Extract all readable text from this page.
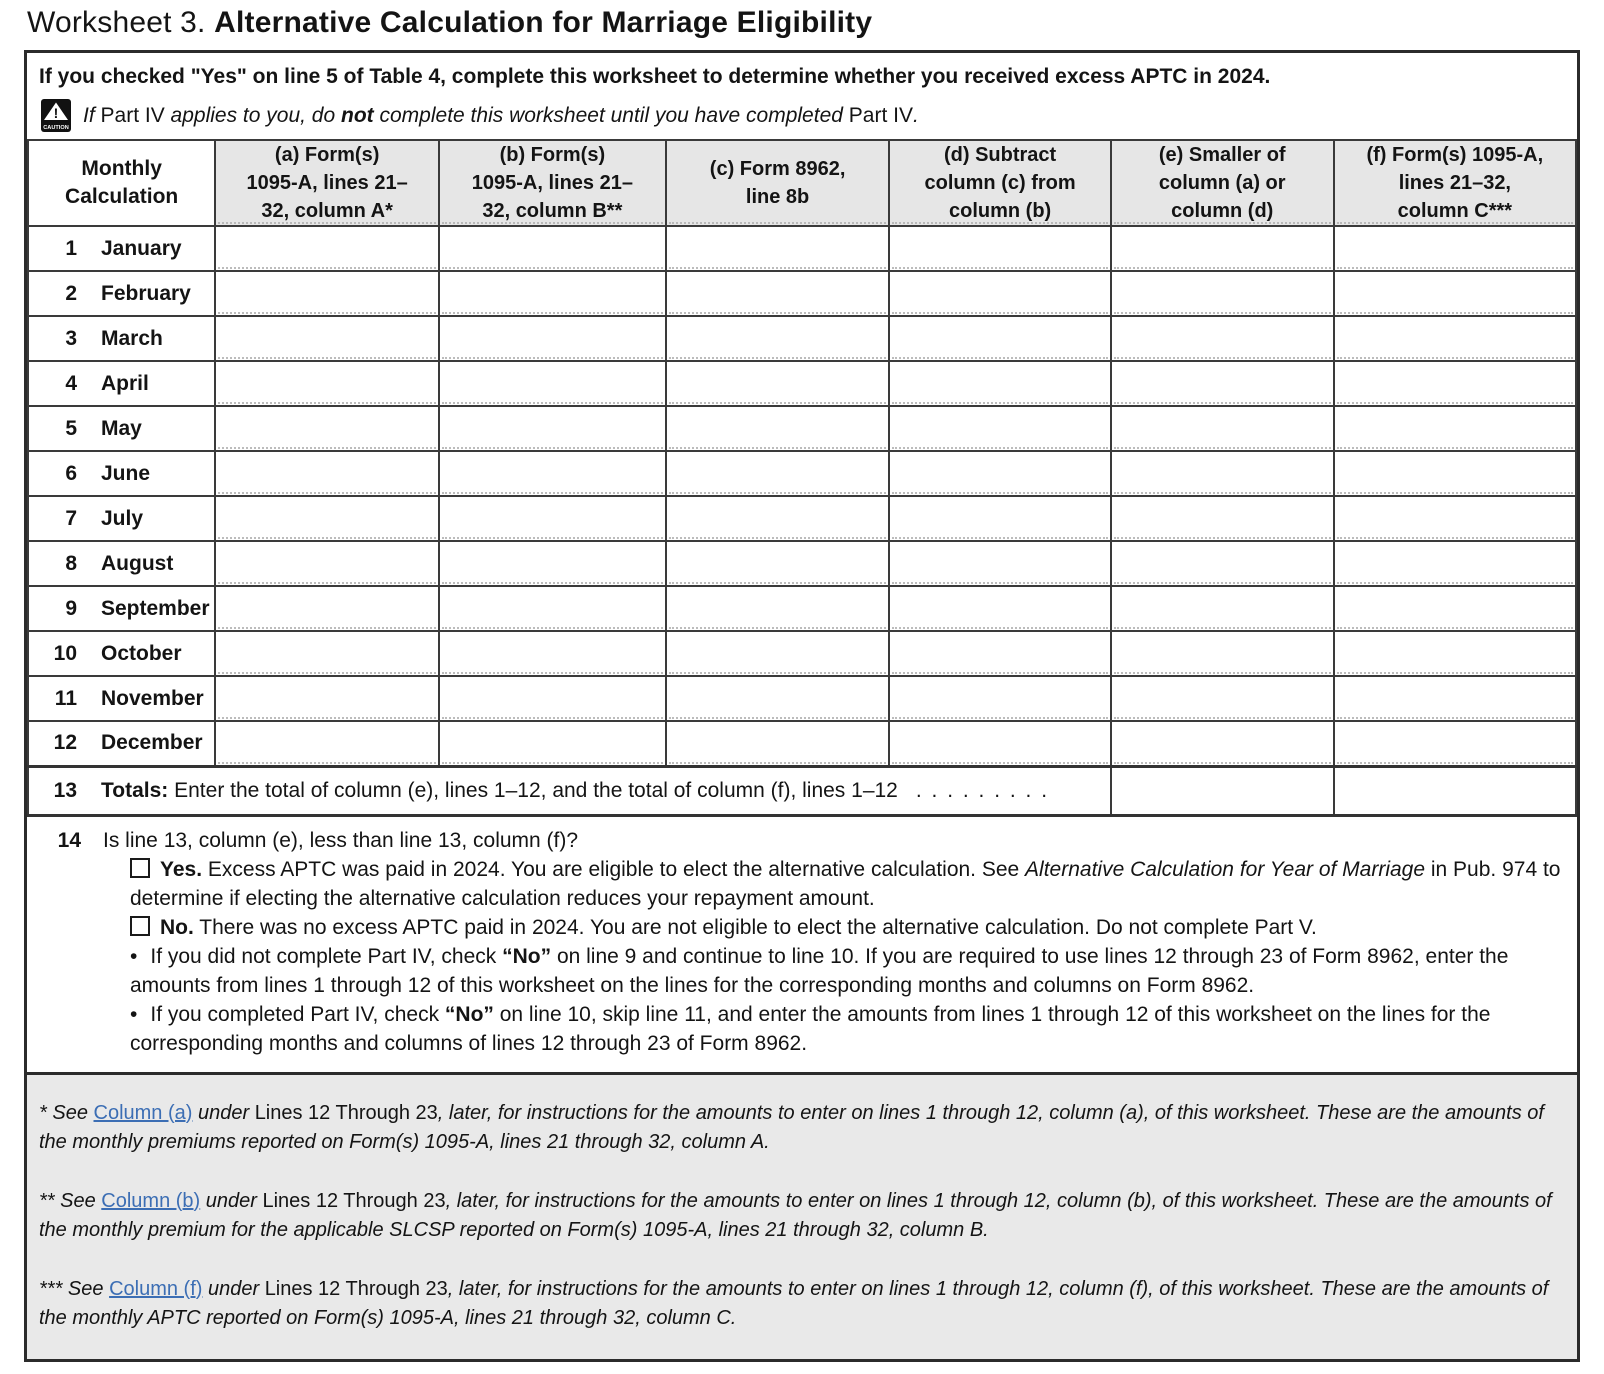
Worksheet 3. Alternative Calculation for Marriage Eligibility
If you checked "Yes" on line 5 of Table 4, complete this worksheet to determine whether you received excess APTC in 2024.
!
CAUTION
If Part IV applies to you, do not complete this worksheet until you have completed Part IV.
Monthly
Calculation

(a) Form(s)
1095-A, lines 21–
32, column A*

(b) Form(s)
1095-A, lines 21–
32, column B**

(c) Form 8962,
line 8b

(d) Subtract
column (c) from
column (b)

(e) Smaller of
column (a) or
column (d)

(f) Form(s) 1095-A,
lines 21–32,
column C***

1 January						
2 February						
3 March						
4 April						
5 May						
6 June						
7 July						
8 August						
9 September						
10 October						
11 November						
12 December						
13 Totals: Enter the total of column (e), lines 1–12, and the total of column (f), lines 1–12 . . . . . . . . .						
14 Is line 13, column (e), less than line 13, column (f)?

Yes. Excess APTC was paid in 2024. You are eligible to elect the alternative calculation. See Alternative Calculation for Year of Marriage in Pub. 974 to determine if electing the alternative calculation reduces your repayment amount.

No. There was no excess APTC paid in 2024. You are not eligible to elect the alternative calculation. Do not complete Part V.

• If you did not complete Part IV, check “No” on line 9 and continue to line 10. If you are required to use lines 12 through 23 of Form 8962, enter the amounts from lines 1 through 12 of this worksheet on the lines for the corresponding months and columns on Form 8962.

• If you completed Part IV, check “No” on line 10, skip line 11, and enter the amounts from lines 1 through 12 of this worksheet on the lines for the corresponding months and columns of lines 12 through 23 of Form 8962.

* See Column (a) under Lines 12 Through 23, later, for instructions for the amounts to enter on lines 1 through 12, column (a), of this worksheet. These are the amounts of the monthly premiums reported on Form(s) 1095-A, lines 21 through 32, column A.

** See Column (b) under Lines 12 Through 23, later, for instructions for the amounts to enter on lines 1 through 12, column (b), of this worksheet. These are the amounts of the monthly premium for the applicable SLCSP reported on Form(s) 1095-A, lines 21 through 32, column B.

*** See Column (f) under Lines 12 Through 23, later, for instructions for the amounts to enter on lines 1 through 12, column (f), of this worksheet. These are the amounts of the monthly APTC reported on Form(s) 1095-A, lines 21 through 32, column C.
